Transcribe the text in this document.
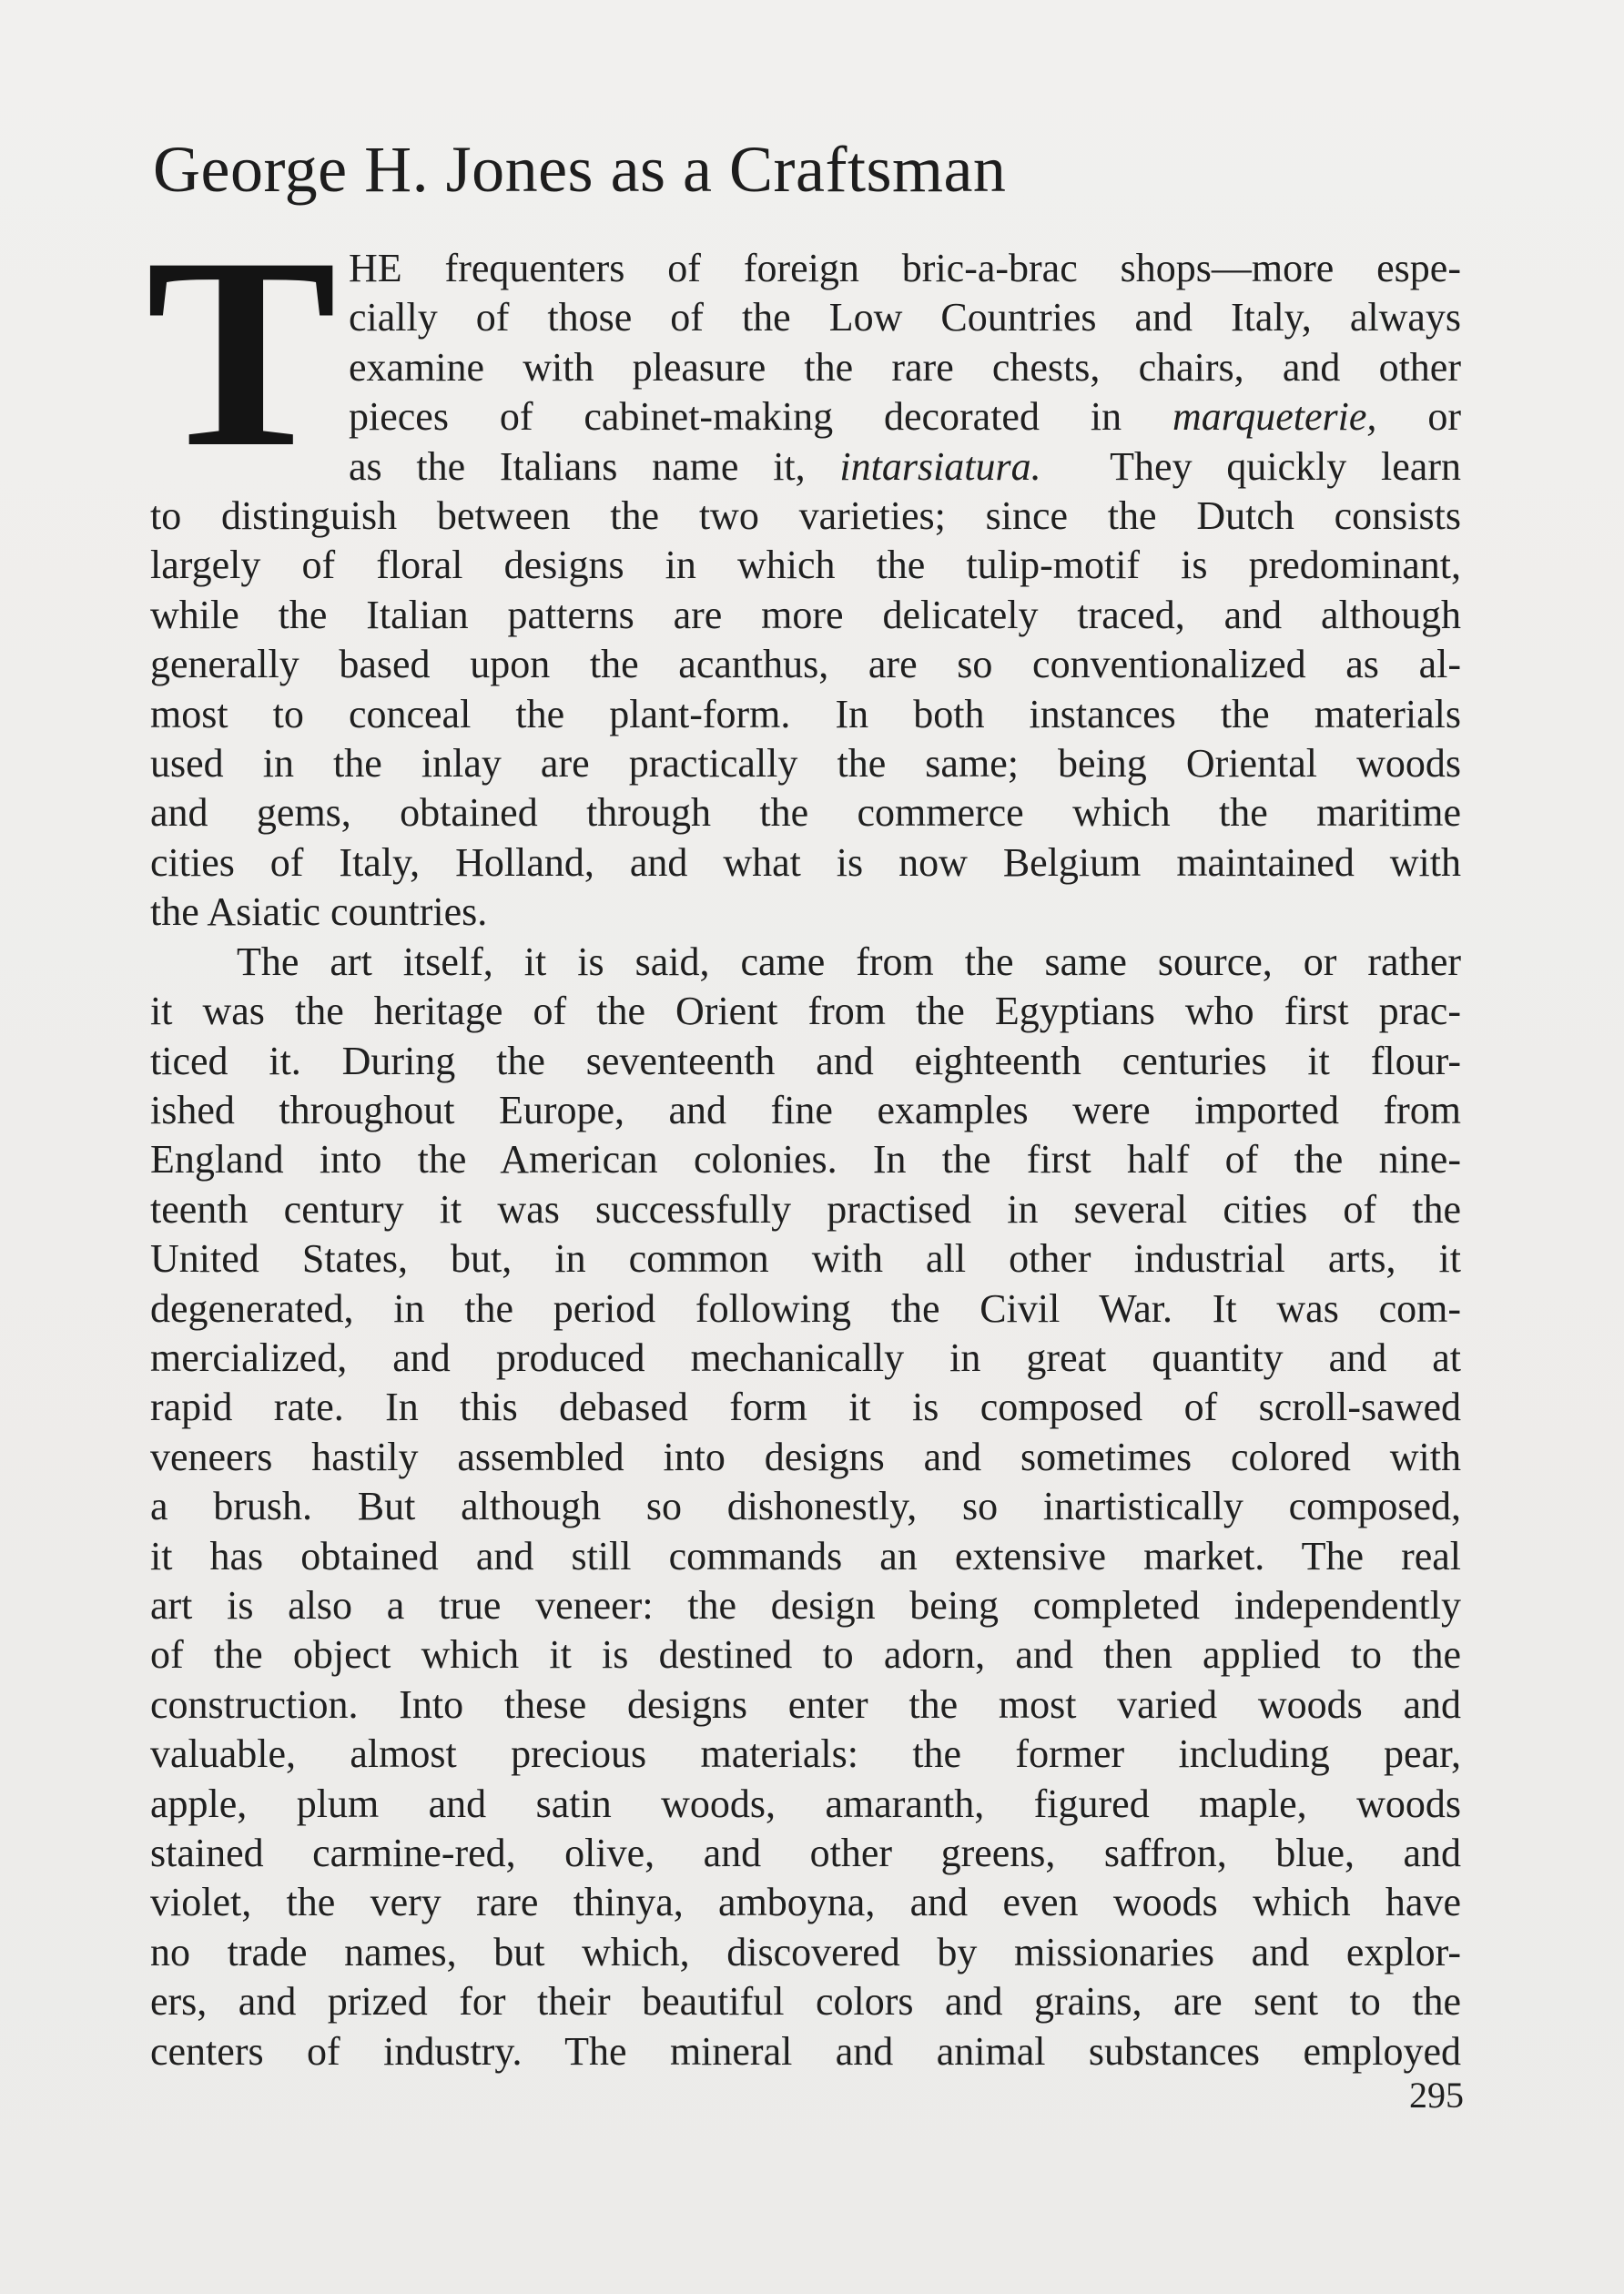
George H. Jones as a Craftsman
T HE frequenters of foreign bric-a-brac shops—more espe-
cially of those of the Low Countries and Italy, always
examine with pleasure the rare chests, chairs, and other
pieces of cabinet-making decorated in marqueterie, or
as the Italians name it, intarsiatura. They quickly learn
to distinguish between the two varieties; since the Dutch consists
largely of floral designs in which the tulip-motif is predominant,
while the Italian patterns are more delicately traced, and although
generally based upon the acanthus, are so conventionalized as al-
most to conceal the plant-form. In both instances the materials
used in the inlay are practically the same; being Oriental woods
and gems, obtained through the commerce which the maritime
cities of Italy, Holland, and what is now Belgium maintained with
the Asiatic countries.

The art itself, it is said, came from the same source, or rather
it was the heritage of the Orient from the Egyptians who first prac-
ticed it. During the seventeenth and eighteenth centuries it flour-
ished throughout Europe, and fine examples were imported from
England into the American colonies. In the first half of the nine-
teenth century it was successfully practised in several cities of the
United States, but, in common with all other industrial arts, it
degenerated, in the period following the Civil War. It was com-
mercialized, and produced mechanically in great quantity and at
rapid rate. In this debased form it is composed of scroll-sawed
veneers hastily assembled into designs and sometimes colored with
a brush. But although so dishonestly, so inartistically composed,
it has obtained and still commands an extensive market. The real
art is also a true veneer: the design being completed independently
of the object which it is destined to adorn, and then applied to the
construction. Into these designs enter the most varied woods and
valuable, almost precious materials: the former including pear,
apple, plum and satin woods, amaranth, figured maple, woods
stained carmine-red, olive, and other greens, saffron, blue, and
violet, the very rare thinya, amboyna, and even woods which have
no trade names, but which, discovered by missionaries and explor-
ers, and prized for their beautiful colors and grains, are sent to the
centers of industry. The mineral and animal substances employed

295
